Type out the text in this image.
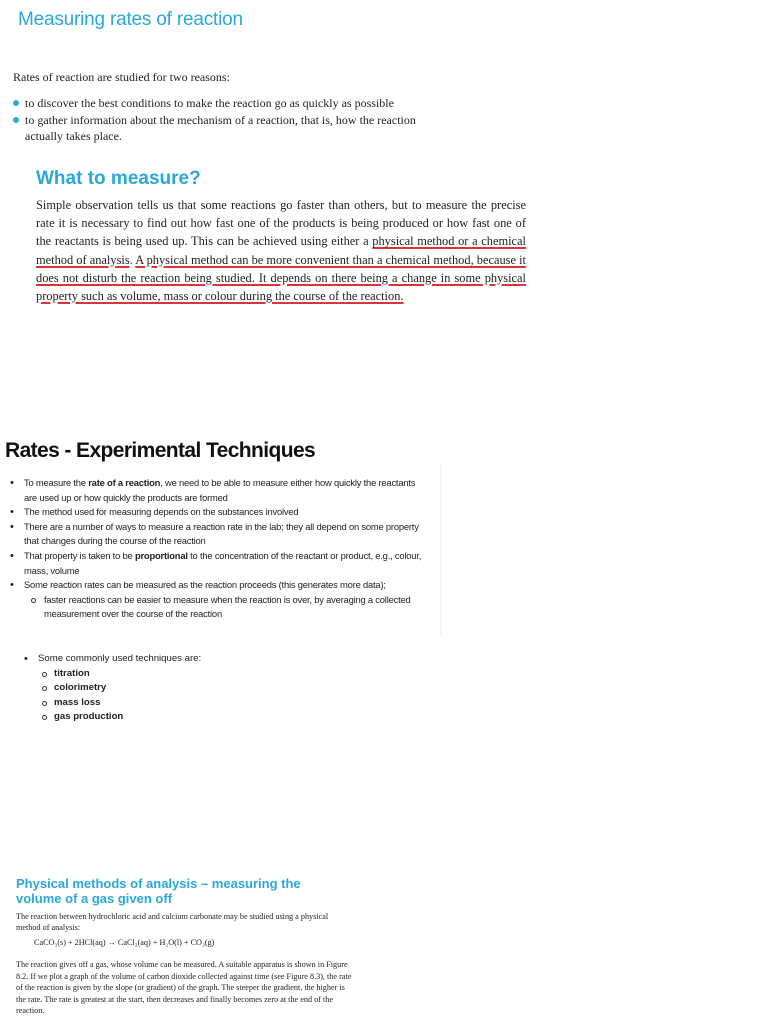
Measuring rates of reaction
Rates of reaction are studied for two reasons:
to discover the best conditions to make the reaction go as quickly as possible
to gather information about the mechanism of a reaction, that is, how the reaction
actually takes place.
What to measure?
Simple observation tells us that some reactions go faster than others, but to measure the precise rate it is necessary to find out how fast one of the products is being produced or how fast one of the reactants is being used up. This can be achieved using either a physical method or a chemical method of analysis. A physical method can be more convenient than a chemical method, because it does not disturb the reaction being studied. It depends on there being a change in some physical property such as volume, mass or colour during the course of the reaction.
Rates - Experimental Techniques
• To measure the rate of a reaction, we need to be able to measure either how quickly the reactants are used up or how quickly the products are formed
• The method used for measuring depends on the substances involved
• There are a number of ways to measure a reaction rate in the lab; they all depend on some property that changes during the course of the reaction
• That property is taken to be proportional to the concentration of the reactant or product, e.g., colour, mass, volume
• Some reaction rates can be measured as the reaction proceeds (this generates more data);
faster reactions can be easier to measure when the reaction is over, by averaging a collected measurement over the course of the reaction
• Some commonly used techniques are:
titration
colorimetry
mass loss
gas production
Physical methods of analysis – measuring the volume of a gas given off
The reaction between hydrochloric acid and calcium carbonate may be studied using a physical method of analysis:
CaCO₃(s) + 2HCl(aq) → CaCl₂(aq) + H₂O(l) + CO₂(g)
The reaction gives off a gas, whose volume can be measured. A suitable apparatus is shown in Figure 8.2. If we plot a graph of the volume of carbon dioxide collected against time (see Figure 8.3), the rate of the reaction is given by the slope (or gradient) of the graph. The steeper the gradient, the higher is the rate. The rate is greatest at the start, then decreases and finally becomes zero at the end of the reaction.
